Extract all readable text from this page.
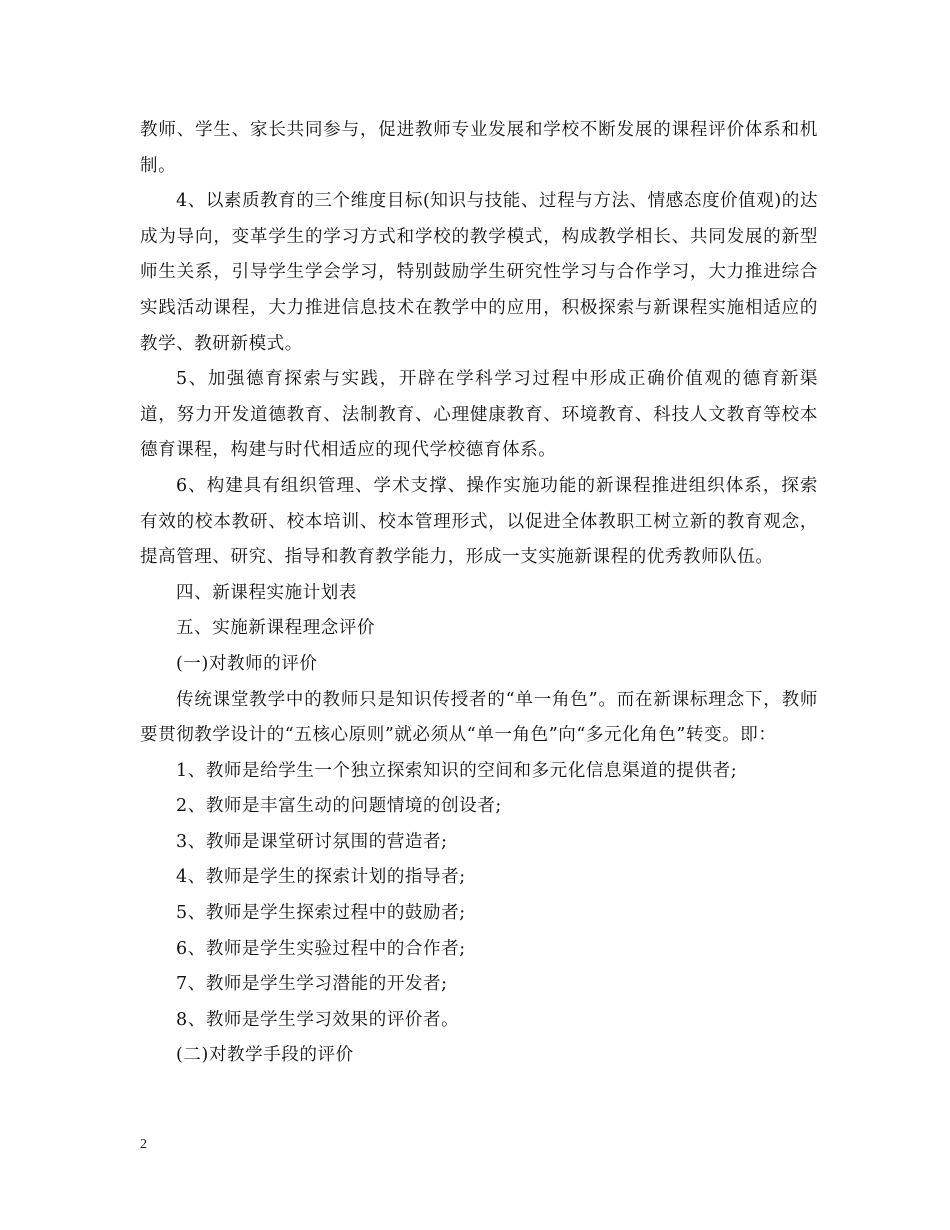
教师、学生、家长共同参与，促进教师专业发展和学校不断发展的课程评价体系和机制。

4、以素质教育的三个维度目标(知识与技能、过程与方法、情感态度价值观)的达成为导向，变革学生的学习方式和学校的教学模式，构成教学相长、共同发展的新型师生关系，引导学生学会学习，特别鼓励学生研究性学习与合作学习，大力推进综合实践活动课程，大力推进信息技术在教学中的应用，积极探索与新课程实施相适应的教学、教研新模式。

5、加强德育探索与实践，开辟在学科学习过程中形成正确价值观的德育新渠道，努力开发道德教育、法制教育、心理健康教育、环境教育、科技人文教育等校本德育课程，构建与时代相适应的现代学校德育体系。

6、构建具有组织管理、学术支撑、操作实施功能的新课程推进组织体系，探索有效的校本教研、校本培训、校本管理形式，以促进全体教职工树立新的教育观念，提高管理、研究、指导和教育教学能力，形成一支实施新课程的优秀教师队伍。

四、新课程实施计划表

五、实施新课程理念评价

(一)对教师的评价

传统课堂教学中的教师只是知识传授者的“单一角色”。而在新课标理念下，教师要贯彻教学设计的“五核心原则”就必须从“单一角色”向“多元化角色”转变。即：

1、教师是给学生一个独立探索知识的空间和多元化信息渠道的提供者;

2、教师是丰富生动的问题情境的创设者;

3、教师是课堂研讨氛围的营造者;

4、教师是学生的探索计划的指导者;

5、教师是学生探索过程中的鼓励者;

6、教师是学生实验过程中的合作者;

7、教师是学生学习潜能的开发者;

8、教师是学生学习效果的评价者。

(二)对教学手段的评价

2
